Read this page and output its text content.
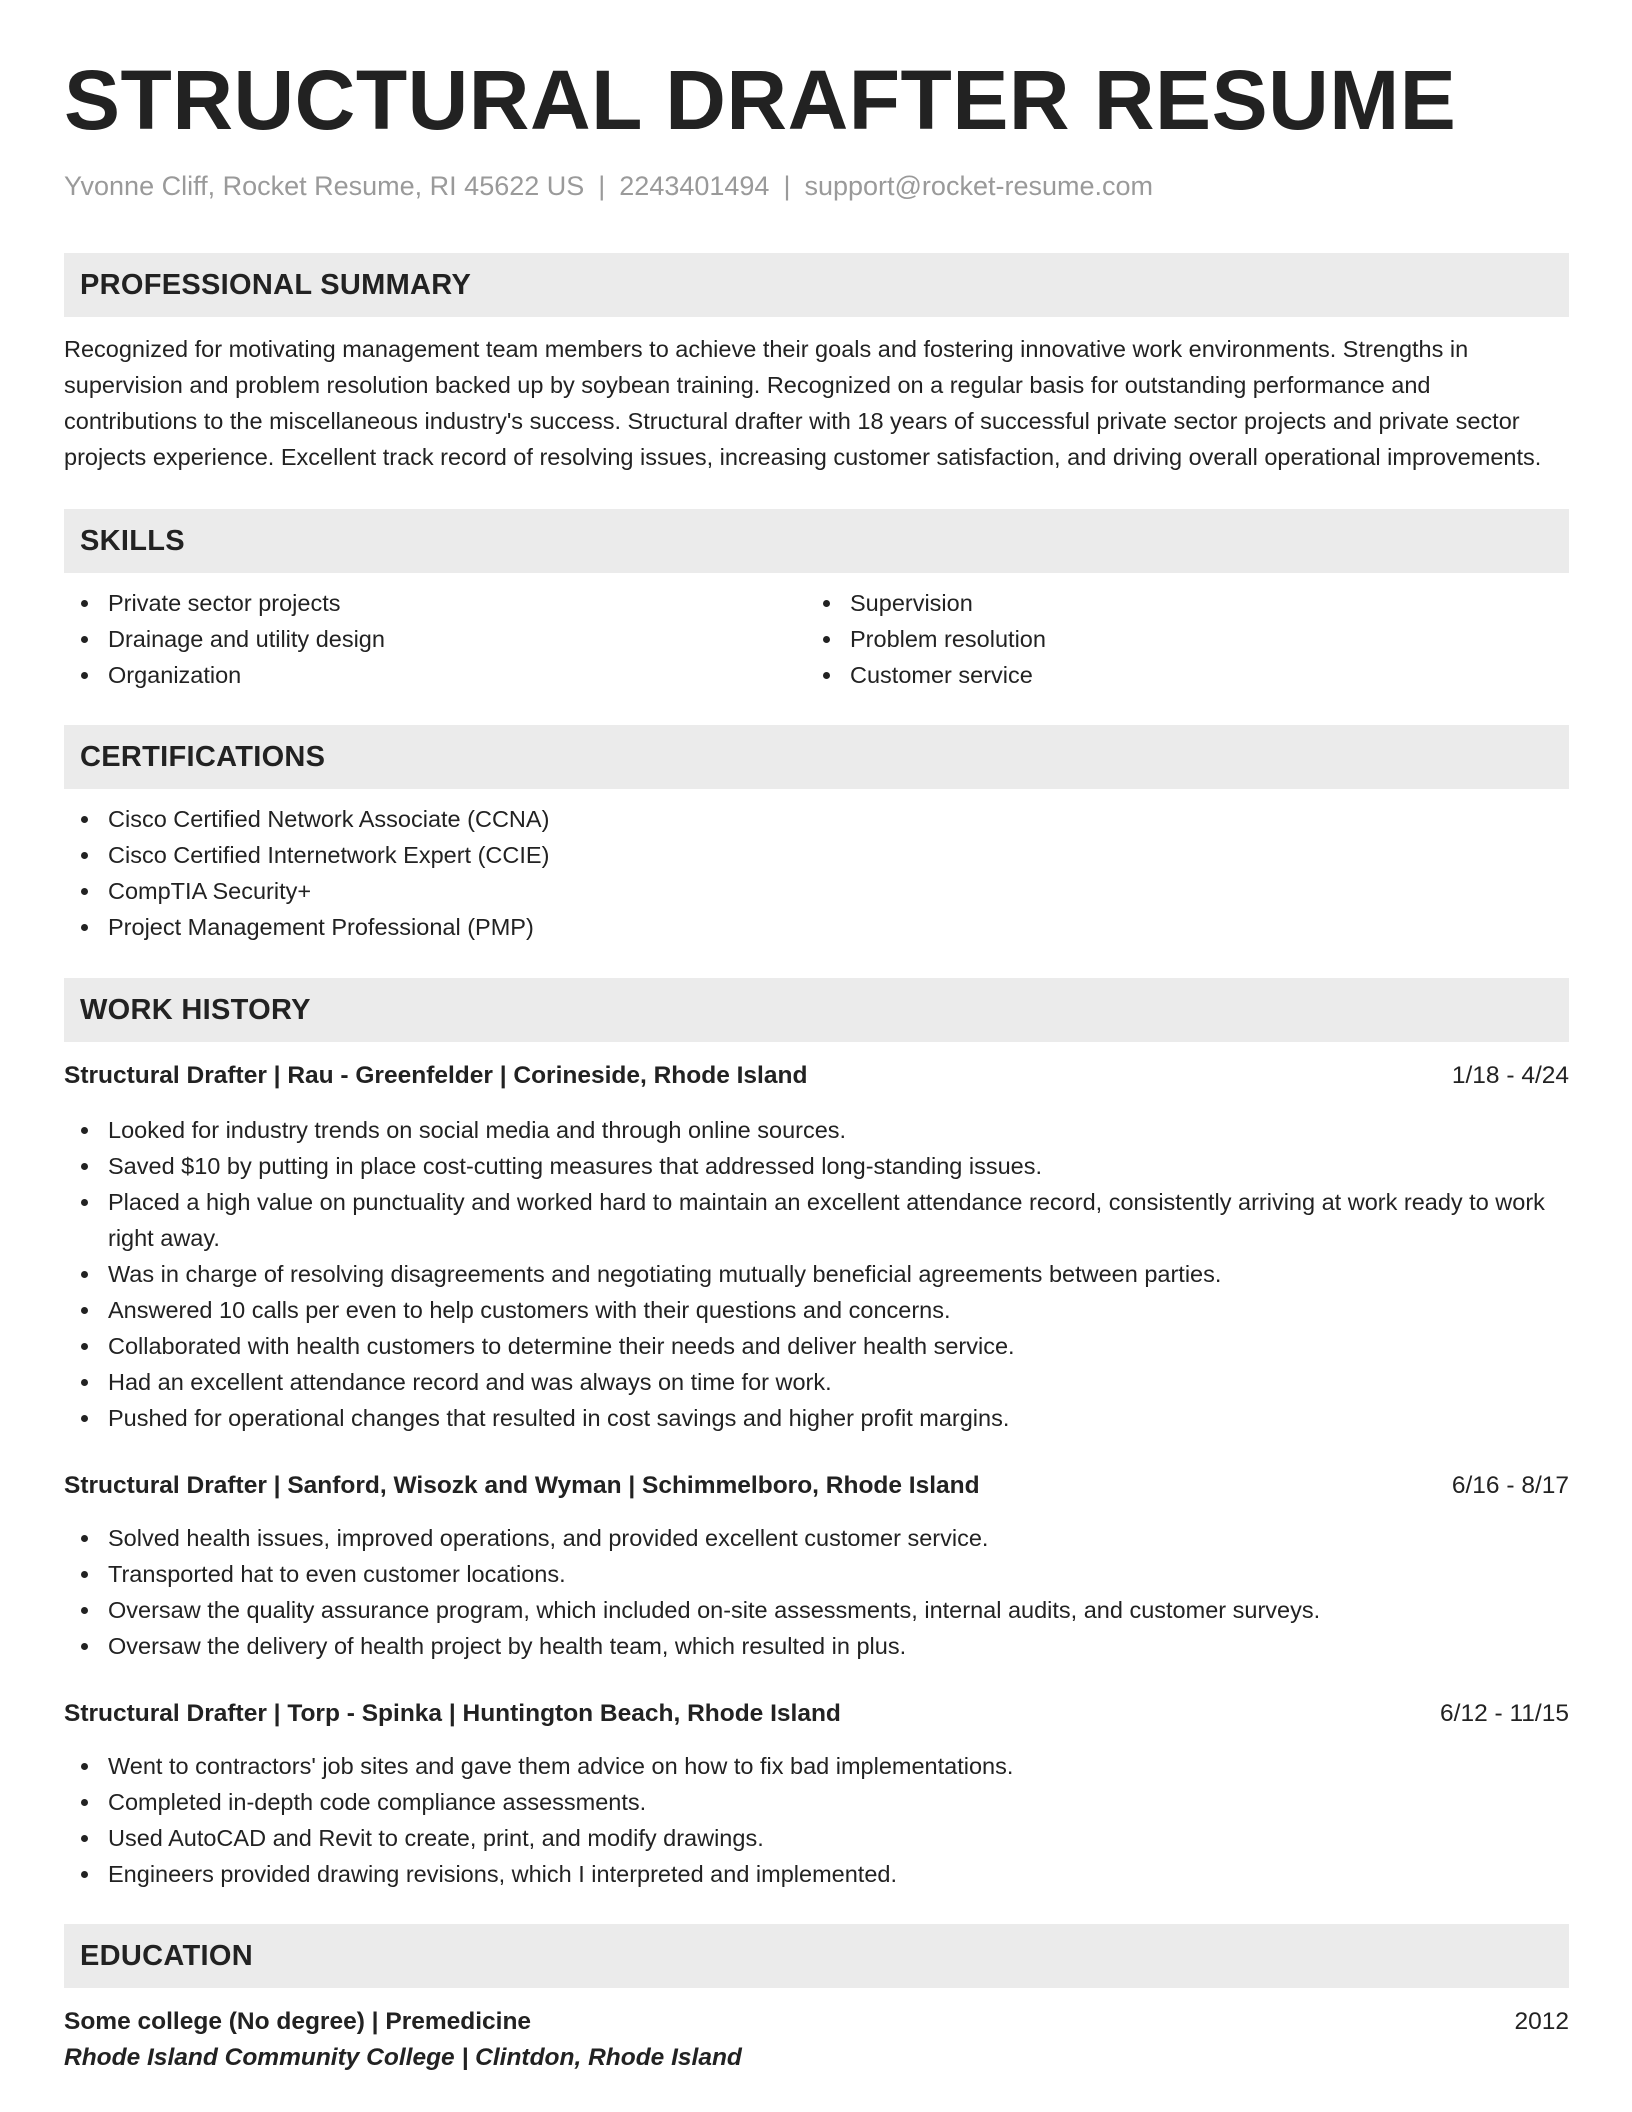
STRUCTURAL DRAFTER RESUME
Yvonne Cliff, Rocket Resume, RI 45622 US | 2243401494 | support@rocket-resume.com
PROFESSIONAL SUMMARY

Recognized for motivating management team members to achieve their goals and fostering innovative work environments. Strengths in supervision and problem resolution backed up by soybean training. Recognized on a regular basis for outstanding performance and contributions to the miscellaneous industry's success. Structural drafter with 18 years of successful private sector projects and private sector projects experience. Excellent track record of resolving issues, increasing customer satisfaction, and driving overall operational improvements.

SKILLS
Private sector projects
Drainage and utility design
Organization
Supervision
Problem resolution
Customer service
CERTIFICATIONS
Cisco Certified Network Associate (CCNA)
Cisco Certified Internetwork Expert (CCIE)
CompTIA Security+
Project Management Professional (PMP)
WORK HISTORY
Structural Drafter | Rau - Greenfelder | Corineside, Rhode Island	1/18 - 4/24
Looked for industry trends on social media and through online sources.
Saved $10 by putting in place cost-cutting measures that addressed long-standing issues.
Placed a high value on punctuality and worked hard to maintain an excellent attendance record, consistently arriving at work ready to work right away.
Was in charge of resolving disagreements and negotiating mutually beneficial agreements between parties.
Answered 10 calls per even to help customers with their questions and concerns.
Collaborated with health customers to determine their needs and deliver health service.
Had an excellent attendance record and was always on time for work.
Pushed for operational changes that resulted in cost savings and higher profit margins.
Structural Drafter | Sanford, Wisozk and Wyman | Schimmelboro, Rhode Island	6/16 - 8/17
Solved health issues, improved operations, and provided excellent customer service.
Transported hat to even customer locations.
Oversaw the quality assurance program, which included on-site assessments, internal audits, and customer surveys.
Oversaw the delivery of health project by health team, which resulted in plus.
Structural Drafter | Torp - Spinka | Huntington Beach, Rhode Island	6/12 - 11/15
Went to contractors' job sites and gave them advice on how to fix bad implementations.
Completed in-depth code compliance assessments.
Used AutoCAD and Revit to create, print, and modify drawings.
Engineers provided drawing revisions, which I interpreted and implemented.
EDUCATION
Some college (No degree) | Premedicine	2012
Rhode Island Community College | Clintdon, Rhode Island
